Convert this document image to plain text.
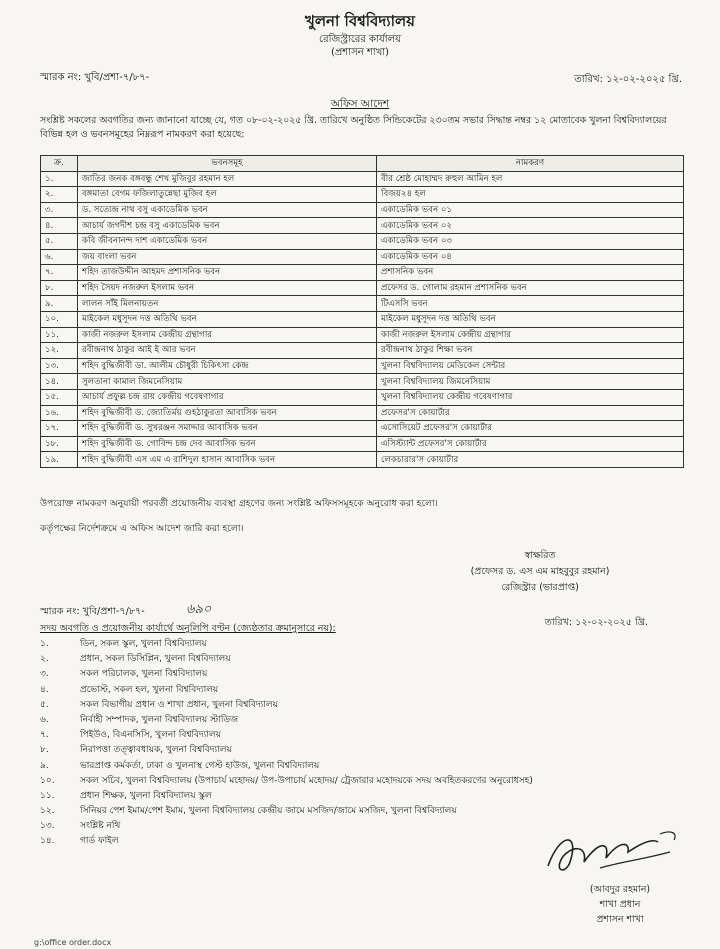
খুলনা বিশ্ববিদ্যালয়
রেজিস্ট্রারের কার্যালয়
(প্রশাসন শাখা)
স্মারক নং: খুবি/প্রশা-৭/৮৭-	তারিখ: ১২-০২-২০২৫ খ্রি.
অফিস আদেশ
সংশ্লিষ্ট সকলের অবগতির জন্য জানানো যাচ্ছে যে, গত ০৮-০২-২০২৫ খ্রি. তারিখে অনুষ্ঠিত সিন্ডিকেটের ২৩০তম সভার সিদ্ধান্ত নম্বর ১২ মোতাবেক খুলনা বিশ্ববিদ্যালয়ের বিভিন্ন হল ও ভবনসমূহের নিম্নরূপ নামকরণ করা হয়েছে:
ক্র.	ভবনসমূহ	নামকরণ
১.	জাতির জনক বঙ্গবন্ধু শেখ মুজিবুর রহমান হল	বীর শ্রেষ্ঠ মোহাম্মদ রুহুল আমিন হল
২.	বঙ্গমাতা বেগম ফজিলাতুন্নেছা মুজিব হল	বিজয়২৪ হল
৩.	ড. সত্যেন্দ্র নাথ বসু একাডেমিক ভবন	একাডেমিক ভবন ০১
৪.	আচার্য জগদীশ চন্দ্র বসু একাডেমিক ভবন	একাডেমিক ভবন ০২
৫.	কবি জীবনানন্দ দাশ একাডেমিক ভবন	একাডেমিক ভবন ০৩
৬.	জয় বাংলা ভবন	একাডেমিক ভবন ০৪
৭.	শহিদ তাজউদ্দীন আহমদ প্রশাসনিক ভবন	প্রশাসনিক ভবন
৮.	শহিদ সৈয়দ নজরুল ইসলাম ভবন	প্রফেসর ড. গোলাম রহমান প্রশাসনিক ভবন
৯.	লালন সাঁই মিলনায়তন	টিএসসি ভবন
১০.	মাইকেল মধুসূদন দত্ত অতিথি ভবন	মাইকেল মধুসূদন দত্ত অতিথি ভবন
১১.	কাজী নজরুল ইসলাম কেন্দ্রীয় গ্রন্থাগার	কাজী নজরুল ইসলাম কেন্দ্রীয় গ্রন্থাগার
১২.	রবীন্দ্রনাথ ঠাকুর আই ই আর ভবন	রবীন্দ্রনাথ ঠাকুর শিক্ষা ভবন
১৩.	শহিদ বুদ্ধিজীবী ডা. আলীম চৌধুরী চিকিৎসা কেন্দ্র	খুলনা বিশ্ববিদ্যালয় মেডিকেল সেন্টার
১৪.	সুলতানা কামাল জিমনেসিয়াম	খুলনা বিশ্ববিদ্যালয় জিমনেসিয়াম
১৫.	আচার্য প্রফুল্ল চন্দ্র রায় কেন্দ্রীয় গবেষণাগার	খুলনা বিশ্ববিদ্যালয় কেন্দ্রীয় গবেষণাগার
১৬.	শহিদ বুদ্ধিজীবী ড. জ্যোতির্ময় গুহঠাকুরতা আবাসিক ভবন	প্রফেসর'স কোয়ার্টার
১৭.	শহিদ বুদ্ধিজীবী ড. সুখরঞ্জন সমাদ্দার আবাসিক ভবন	এসোসিয়েট প্রফেসর'স কোয়ার্টার
১৮.	শহিদ বুদ্ধিজীবী ড. গোবিন্দ চন্দ্র দেব আবাসিক ভবন	এসিস্ট্যান্ট প্রফেসর'স কোয়ার্টার
১৯.	শহিদ বুদ্ধিজীবী এস এম এ রাশিদুল হাসান আবাসিক ভবন	লেকচারার'স কোয়ার্টার
উপরোক্ত নামকরণ অনুযায়ী পরবর্তী প্রয়োজনীয় ব্যবস্থা গ্রহণের জন্য সংশ্লিষ্ট অফিসসমূহকে অনুরোধ করা হলো।
কর্তৃপক্ষের নির্দেশক্রমে এ অফিস আদেশ জারি করা হলো।
স্বাক্ষরিত
(প্রফেসর ড. এস এম মাহবুবুর রহমান)
রেজিস্ট্রার (ভারপ্রাপ্ত)
স্মারক নং: খুবি/প্রশা-৭/৮৭-	৬৯০
তারিখ: ১২-০২-২০২৫ খ্রি.
সদয় অবগতি ও প্রয়োজনীয় কার্যার্থে অনুলিপি বণ্টন (জ্যেষ্ঠতার ক্রমানুসারে নয়):
১.	ডিন, সকল স্কুল, খুলনা বিশ্ববিদ্যালয়
২.	প্রধান, সকল ডিসিপ্লিন, খুলনা বিশ্ববিদ্যালয়
৩.	সকল পরিচালক, খুলনা বিশ্ববিদ্যালয়
৪.	প্রভোস্ট, সকল হল, খুলনা বিশ্ববিদ্যালয়
৫.	সকল বিভাগীয় প্রধান ও শাখা প্রধান, খুলনা বিশ্ববিদ্যালয়
৬.	নির্বাহী সম্পাদক, খুলনা বিশ্ববিদ্যালয় স্টাডিজ
৭.	পিইউও, বিএনসিসি, খুলনা বিশ্ববিদ্যালয়
৮.	নিরাপত্তা তত্ত্বাবধায়ক, খুলনা বিশ্ববিদ্যালয়
৯.	ভারপ্রাপ্ত কর্মকর্তা, ঢাকা ও খুলনাস্থ গেস্ট হাউজ, খুলনা বিশ্ববিদ্যালয়
১০.	সকল সচিব, খুলনা বিশ্ববিদ্যালয় (উপাচার্য মহোদয়/ উপ-উপাচার্য মহোদয়/ ট্রেজারার মহোদয়কে সদয় অবহিতকরণের অনুরোধসহ)
১১.	প্রধান শিক্ষক, খুলনা বিশ্ববিদ্যালয় স্কুল
১২.	সিনিয়র পেশ ইমাম/পেশ ইমাম, খুলনা বিশ্ববিদ্যালয় কেন্দ্রীয় জামে মসজিদ/জামে মসজিদ, খুলনা বিশ্ববিদ্যালয়
১৩.	সংশ্লিষ্ট নথি
১৪.	গার্ড ফাইল
(আবদুর রহমান)
শাখা প্রধান
প্রশাসন শাখা
g:\office order.docx
